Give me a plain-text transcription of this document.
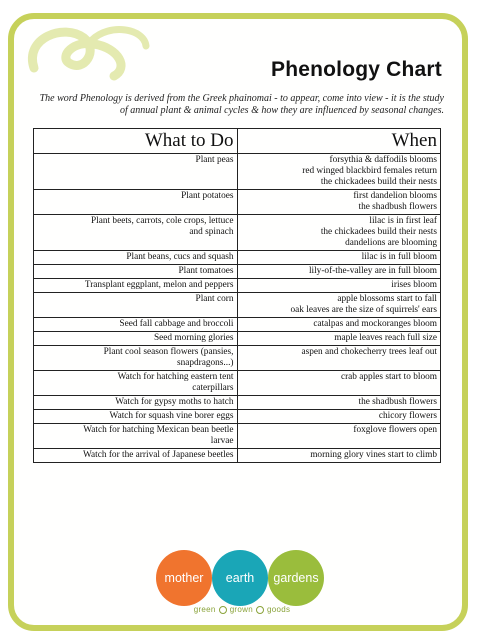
Phenology Chart
The word Phenology is derived from the Greek phainomai - to appear, come into view - it is the study of annual plant & animal cycles & how they are influenced by seasonal changes.
What to Do	When
Plant peas	forsythia & daffodils blooms
red winged blackbird females return
the chickadees build their nests
Plant potatoes	first dandelion blooms
the shadbush flowers
Plant beets, carrots, cole crops, lettuce
and spinach	lilac is in first leaf
the chickadees build their nests
dandelions are blooming
Plant beans, cucs and squash	lilac is in full bloom
Plant tomatoes	lily-of-the-valley are in full bloom
Transplant eggplant, melon and peppers	irises bloom
Plant corn	apple blossoms start to fall
oak leaves are the size of squirrels' ears
Seed fall cabbage and broccoli	catalpas and mockoranges bloom
Seed morning glories	maple leaves reach full size
Plant cool season flowers (pansies,
snapdragons...)	aspen and chokecherry trees leaf out
Watch for hatching eastern tent
caterpillars	crab apples start to bloom
Watch for gypsy moths to hatch	the shadbush flowers
Watch for squash vine borer eggs	chicory flowers
Watch for hatching Mexican bean beetle
larvae	foxglove flowers open
Watch for the arrival of Japanese beetles	morning glory vines start to climb
mother earth gardens
green grown goods
